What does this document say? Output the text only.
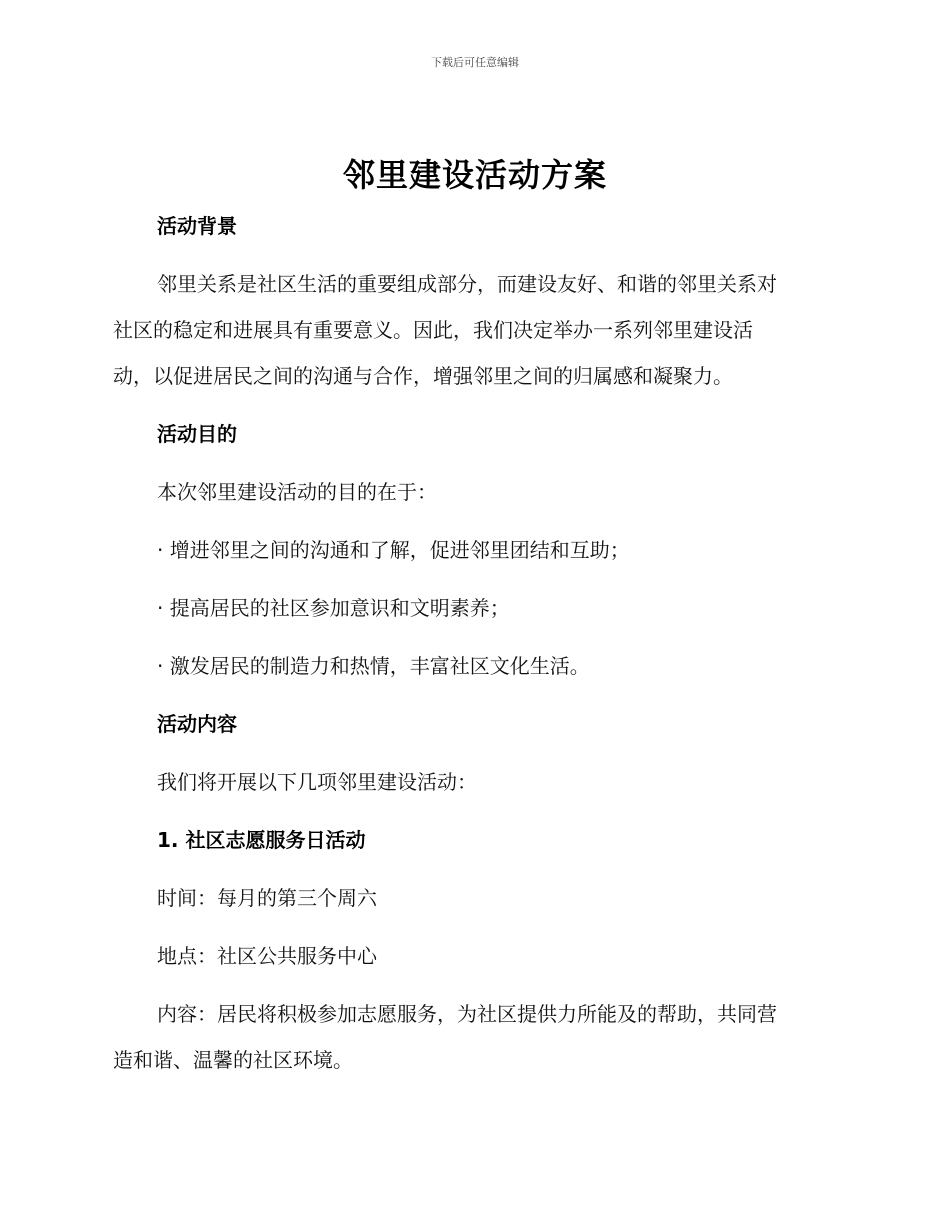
下载后可任意编辑
邻里建设活动方案

活动背景

邻里关系是社区生活的重要组成部分，而建设友好、和谐的邻里关系对

社区的稳定和进展具有重要意义。因此，我们决定举办一系列邻里建设活

动，以促进居民之间的沟通与合作，增强邻里之间的归属感和凝聚力。

活动目的

本次邻里建设活动的目的在于：

· 增进邻里之间的沟通和了解，促进邻里团结和互助；

· 提高居民的社区参加意识和文明素养；

· 激发居民的制造力和热情，丰富社区文化生活。

活动内容

我们将开展以下几项邻里建设活动：

1. 社区志愿服务日活动

时间：每月的第三个周六

地点：社区公共服务中心

内容：居民将积极参加志愿服务，为社区提供力所能及的帮助，共同营

造和谐、温馨的社区环境。
